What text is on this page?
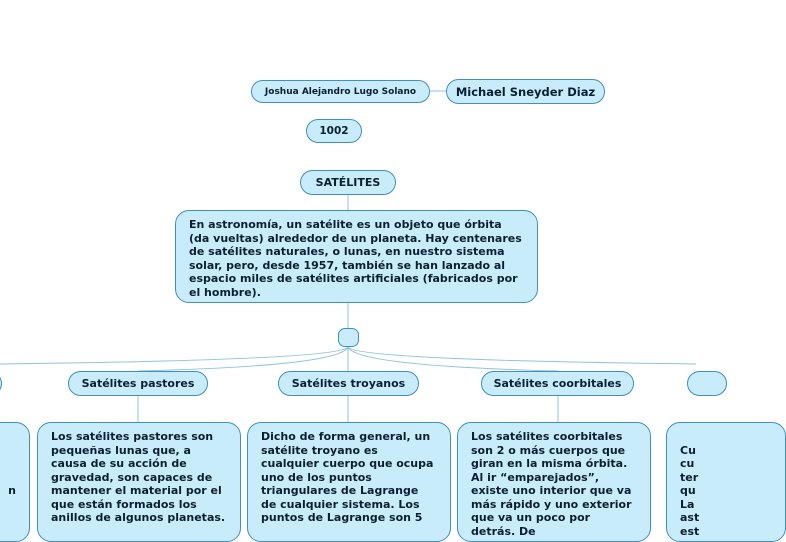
Joshua Alejandro Lugo Solano	Michael Sneyder Diaz
1002
SATÉLITES
En astronomía, un satélite es un objeto que órbita (da vueltas) alrededor de un planeta. Hay centenares de satélites naturales, o lunas, en nuestro sistema solar, pero, desde 1957, también se han lanzado al espacio miles de satélites artificiales (fabricados por el hombre).

n

Satélites pastores
Los satélites pastores son pequeñas lunas que, a causa de su acción de gravedad, son capaces de mantener el material por el que están formados los anillos de algunos planetas.
Satélites troyanos
Dicho de forma general, un satélite troyano es cualquier cuerpo que ocupa uno de los puntos triangulares de Lagrange de cualquier sistema. Los puntos de Lagrange son 5
Satélites coorbitales
Los satélites coorbitales son 2 o más cuerpos que giran en la misma órbita. Al ir “emparejados”, existe uno interior que va más rápido y uno exterior que va un poco por detrás. De

Cu
cu
ter
qu
La
ast
est
